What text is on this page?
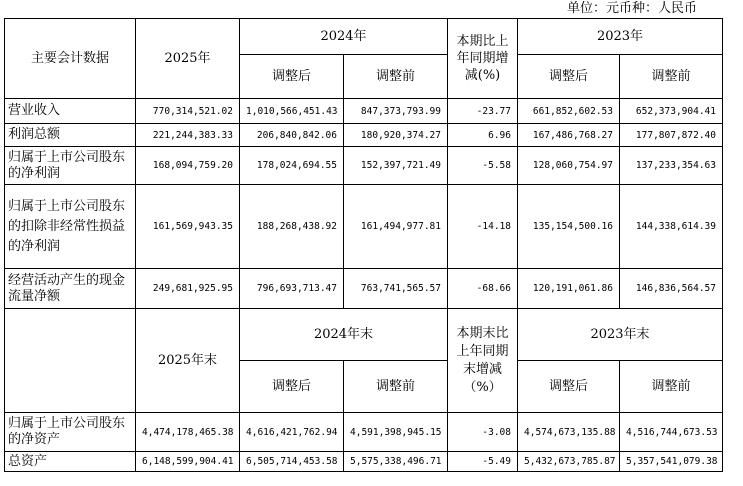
单位：元币种：人民币
主要会计数据	2025年	2024年		本期比上年同期增减(%)	2023年	
		调整后	调整前		调整后	调整前
营业收入	770,314,521.02	1,010,566,451.43	847,373,793.99	-23.77	661,852,602.53	652,373,904.41
利润总额	221,244,383.33	206,840,842.06	180,920,374.27	6.96	167,486,768.27	177,807,872.40
归属于上市公司股东的净利润	168,094,759.20	178,024,694.55	152,397,721.49	-5.58	128,060,754.97	137,233,354.63
归属于上市公司股东的扣除非经常性损益的净利润	161,569,943.35	188,268,438.92	161,494,977.81	-14.18	135,154,500.16	144,338,614.39
经营活动产生的现金流量净额	249,681,925.95	796,693,713.47	763,741,565.57	-68.66	120,191,061.86	146,836,564.57
	2025年末	2024年末		本期末比上年同期末增减（%）	2023年末	
		调整后	调整前		调整后	调整前
归属于上市公司股东的净资产	4,474,178,465.38	4,616,421,762.94	4,591,398,945.15	-3.08	4,574,673,135.88	4,516,744,673.53
总资产	6,148,599,904.41	6,505,714,453.58	5,575,338,496.71	-5.49	5,432,673,785.87	5,357,541,079.38
